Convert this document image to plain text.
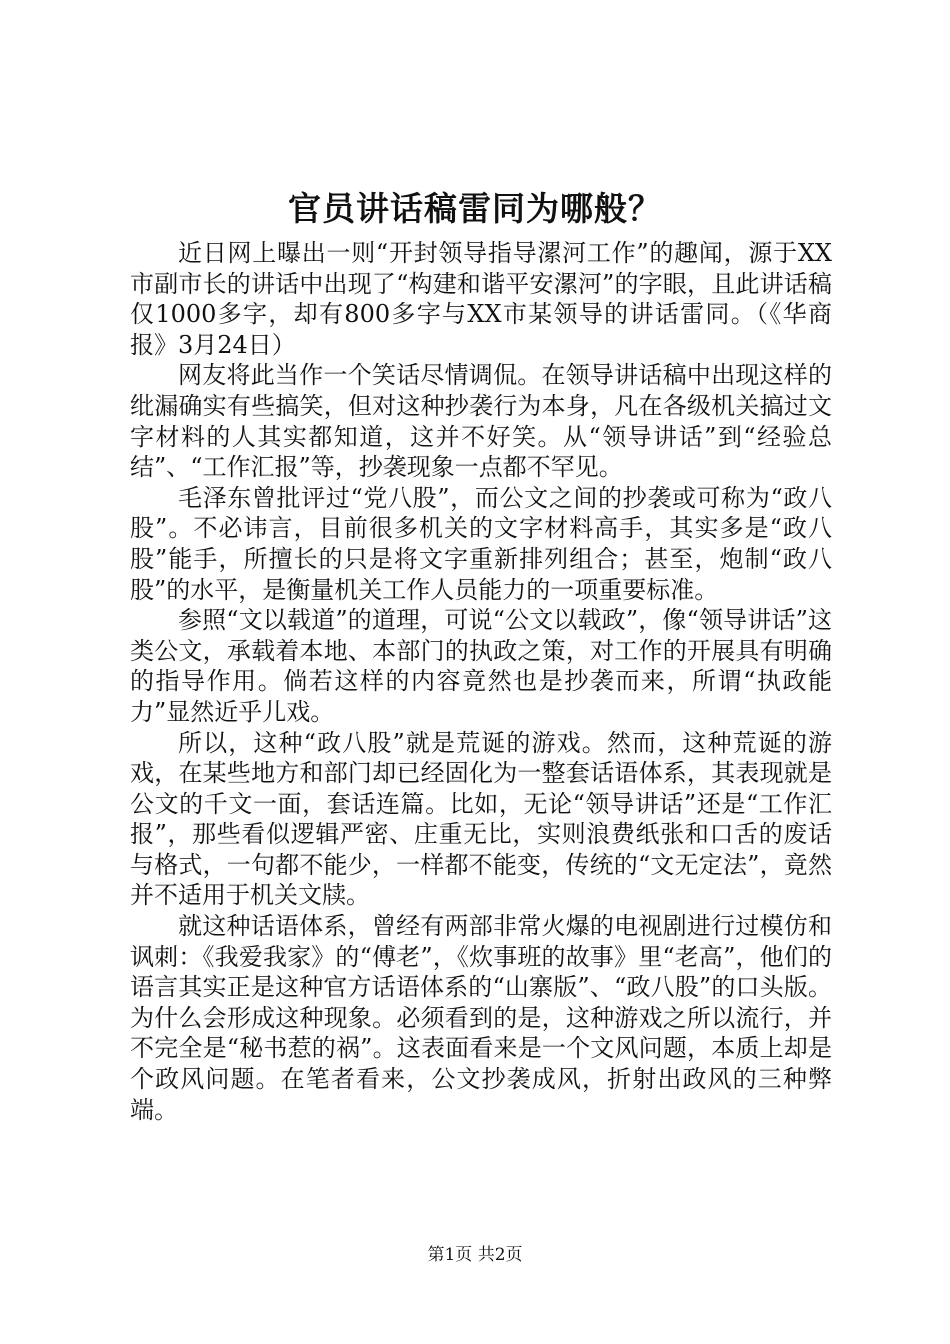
官员讲话稿雷同为哪般？

近日网上曝出一则“开封领导指导漯河工作”的趣闻，源于XX市副市长的讲话中出现了“构建和谐平安漯河”的字眼，且此讲话稿仅1000多字，却有800多字与XX市某领导的讲话雷同。（《华商报》3月24日）

网友将此当作一个笑话尽情调侃。在领导讲话稿中出现这样的纰漏确实有些搞笑，但对这种抄袭行为本身，凡在各级机关搞过文字材料的人其实都知道，这并不好笑。从“领导讲话”到“经验总结”、“工作汇报”等，抄袭现象一点都不罕见。

毛泽东曾批评过“党八股”，而公文之间的抄袭或可称为“政八股”。不必讳言，目前很多机关的文字材料高手，其实多是“政八股”能手，所擅长的只是将文字重新排列组合；甚至，炮制“政八股”的水平，是衡量机关工作人员能力的一项重要标准。

参照“文以载道”的道理，可说“公文以载政”，像“领导讲话”这类公文，承载着本地、本部门的执政之策，对工作的开展具有明确的指导作用。倘若这样的内容竟然也是抄袭而来，所谓“执政能力”显然近乎儿戏。

所以，这种“政八股”就是荒诞的游戏。然而，这种荒诞的游戏，在某些地方和部门却已经固化为一整套话语体系，其表现就是公文的千文一面，套话连篇。比如，无论“领导讲话”还是“工作汇报”，那些看似逻辑严密、庄重无比，实则浪费纸张和口舌的废话与格式，一句都不能少，一样都不能变，传统的“文无定法”，竟然并不适用于机关文牍。

就这种话语体系，曾经有两部非常火爆的电视剧进行过模仿和讽刺：《我爱我家》的“傅老”，《炊事班的故事》里“老高”，他们的语言其实正是这种官方话语体系的“山寨版”、“政八股”的口头版。为什么会形成这种现象。必须看到的是，这种游戏之所以流行，并不完全是“秘书惹的祸”。这表面看来是一个文风问题，本质上却是个政风问题。在笔者看来，公文抄袭成风，折射出政风的三种弊端。

第1页 共2页
